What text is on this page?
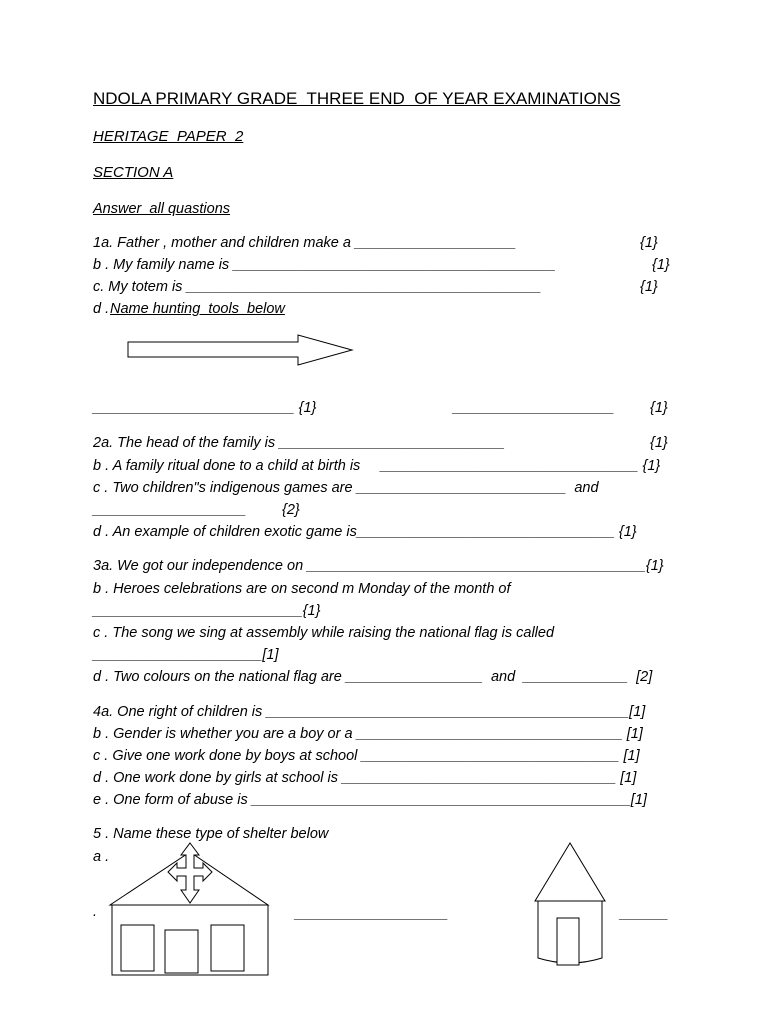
NDOLA PRIMARY GRADE  THREE END  OF YEAR EXAMINATIONS
HERITAGE  PAPER  2
SECTION A
Answer  all quastions
1a. Father , mother and children make a ____________________	{1}
b . My family name is ________________________________________	{1}
c. My totem is ____________________________________________	{1}
d . Name hunting  tools  below
_________________________ {1}	____________________ {1}
2a. The head of the family is ____________________________	{1}
b . A family ritual done to a child at birth is     ________________________________ {1}
c . Two children"s indigenous games are __________________________  and
___________________ {2}
d . An example of children exotic game is________________________________ {1}
3a. We got our independence on __________________________________________{1}
b . Heroes celebrations are on second m Monday of the month of
__________________________{1}
c . The song we sing at assembly while raising the national flag is called
_____________________[1]
d . Two colours on the national flag are _________________  and  _____________  [2]
4a. One right of children is _____________________________________________[1]
b . Gender is whether you are a boy or a _________________________________ [1]
c . Give one work done by boys at school ________________________________ [1]
d . One work done by girls at school is __________________________________ [1]
e . One form of abuse is _______________________________________________[1]
5 . Name these type of shelter below
a .
.	___________________	______
